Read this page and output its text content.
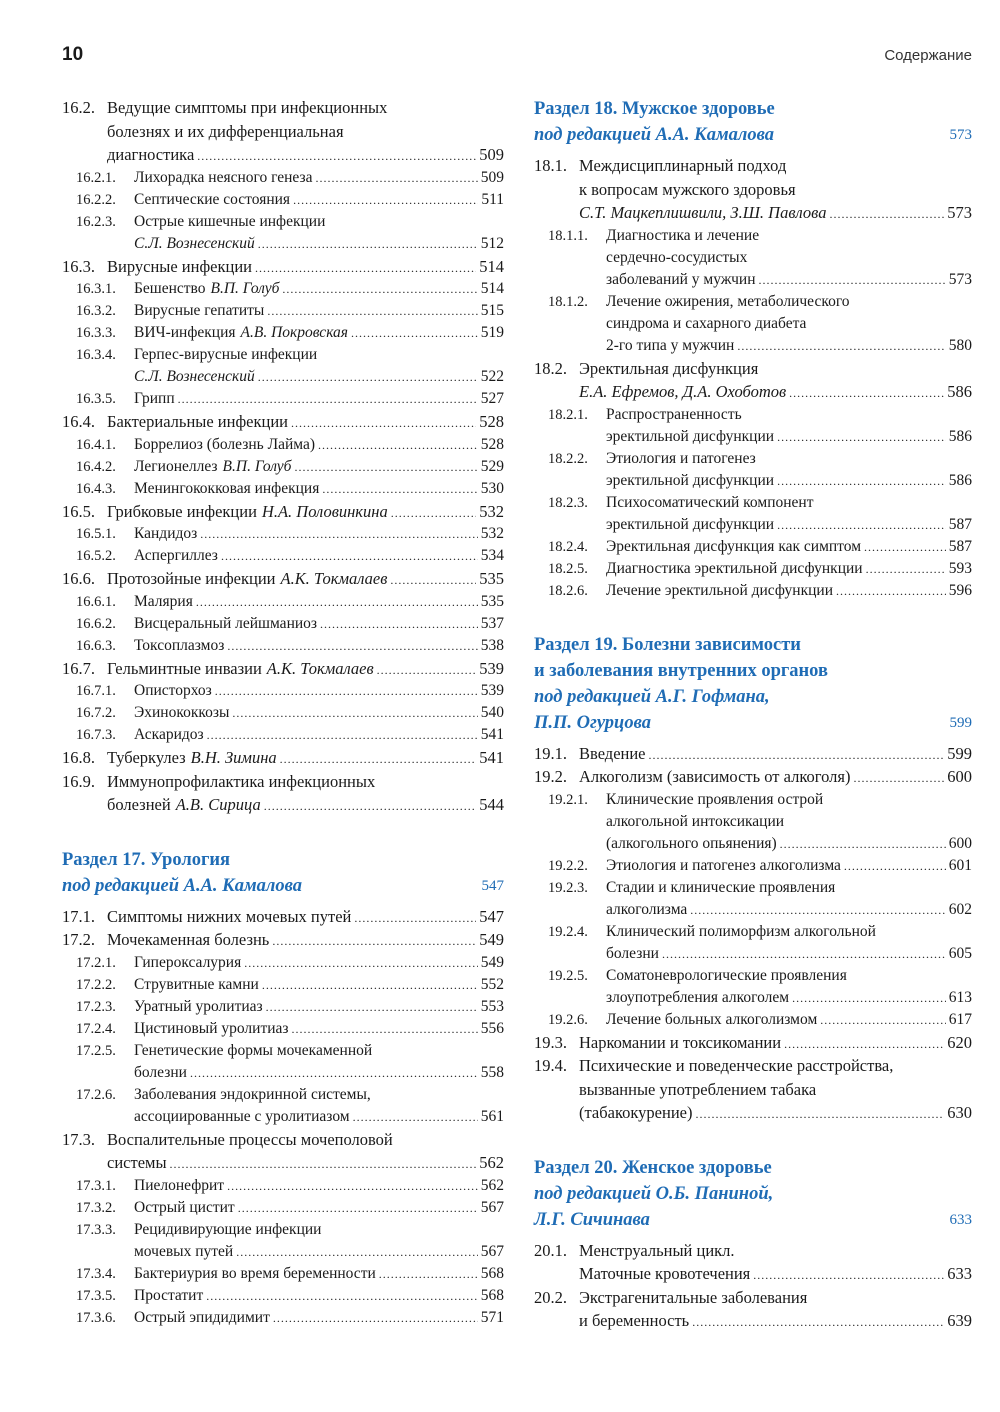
10	Содержание
16.2. Ведущие симптомы при инфекционных
болезнях и их дифференциальная
диагностика .....	509
16.2.1. Лихорадка неясного генеза .....	509
16.2.2. Септические состояния .....	511
16.2.3. Острые кишечные инфекции
С.Л. Вознесенский .....	512
16.3. Вирусные инфекции .....	514
16.3.1. Бешенство В.П. Голуб .....	514
16.3.2. Вирусные гепатиты .....	515
16.3.3. ВИЧ-инфекция А.В. Покровская .....	519
16.3.4. Герпес-вирусные инфекции
С.Л. Вознесенский .....	522
16.3.5. Грипп .....	527
16.4. Бактериальные инфекции .....	528
16.4.1. Боррелиоз (болезнь Лайма) .....	528
16.4.2. Легионеллез В.П. Голуб .....	529
16.4.3. Менингококковая инфекция .....	530
16.5. Грибковые инфекции Н.А. Половинкина .....	532
16.5.1. Кандидоз .....	532
16.5.2. Аспергиллез .....	534
16.6. Протозойные инфекции А.К. Токмалаев .....	535
16.6.1. Малярия .....	535
16.6.2. Висцеральный лейшманиоз .....	537
16.6.3. Токсоплазмоз .....	538
16.7. Гельминтные инвазии А.К. Токмалаев .....	539
16.7.1. Описторхоз .....	539
16.7.2. Эхинококкозы .....	540
16.7.3. Аскаридоз .....	541
16.8. Туберкулез В.Н. Зимина .....	541
16.9. Иммунопрофилактика инфекционных
болезней А.В. Сирица .....	544
Раздел 17. Урология
под редакцией А.А. Камалова	547
17.1. Симптомы нижних мочевых путей .....	547
17.2. Мочекаменная болезнь .....	549
17.2.1. Гипероксалурия .....	549
17.2.2. Струвитные камни .....	552
17.2.3. Уратный уролитиаз .....	553
17.2.4. Цистиновый уролитиаз .....	556
17.2.5. Генетические формы мочекаменной
болезни .....	558
17.2.6. Заболевания эндокринной системы,
ассоциированные с уролитиазом .....	561
17.3. Воспалительные процессы мочеполовой
системы .....	562
17.3.1. Пиелонефрит .....	562
17.3.2. Острый цистит .....	567
17.3.3. Рецидивирующие инфекции
мочевых путей .....	567
17.3.4. Бактериурия во время беременности .....	568
17.3.5. Простатит .....	568
17.3.6. Острый эпидидимит .....	571
Раздел 18. Мужское здоровье
под редакцией А.А. Камалова	573
18.1. Междисциплинарный подход
к вопросам мужского здоровья
С.Т. Мацкеплишвили, З.Ш. Павлова .....	573
18.1.1. Диагностика и лечение
сердечно-сосудистых
заболеваний у мужчин .....	573
18.1.2. Лечение ожирения, метаболического
синдрома и сахарного диабета
2-го типа у мужчин .....	580
18.2. Эректильная дисфункция
Е.А. Ефремов, Д.А. Охоботов .....	586
18.2.1. Распространенность
эректильной дисфункции .....	586
18.2.2. Этиология и патогенез
эректильной дисфункции .....	586
18.2.3. Психосоматический компонент
эректильной дисфункции .....	587
18.2.4. Эректильная дисфункция как симптом .....	587
18.2.5. Диагностика эректильной дисфункции .....	593
18.2.6. Лечение эректильной дисфункции .....	596
Раздел 19. Болезни зависимости
и заболевания внутренних органов
под редакцией А.Г. Гофмана,
П.П. Огурцова	599
19.1. Введение .....	599
19.2. Алкоголизм (зависимость от алкоголя) .....	600
19.2.1. Клинические проявления острой
алкогольной интоксикации
(алкогольного опьянения) .....	600
19.2.2. Этиология и патогенез алкоголизма .....	601
19.2.3. Стадии и клинические проявления
алкоголизма .....	602
19.2.4. Клинический полиморфизм алкогольной
болезни .....	605
19.2.5. Соматоневрологические проявления
злоупотребления алкоголем .....	613
19.2.6. Лечение больных алкоголизмом .....	617
19.3. Наркомании и токсикомании .....	620
19.4. Психические и поведенческие расстройства,
вызванные употреблением табака
(табакокурение) .....	630
Раздел 20. Женское здоровье
под редакцией О.Б. Паниной,
Л.Г. Сичинава	633
20.1. Менструальный цикл.
Маточные кровотечения .....	633
20.2. Экстрагенитальные заболевания
и беременность .....	639
